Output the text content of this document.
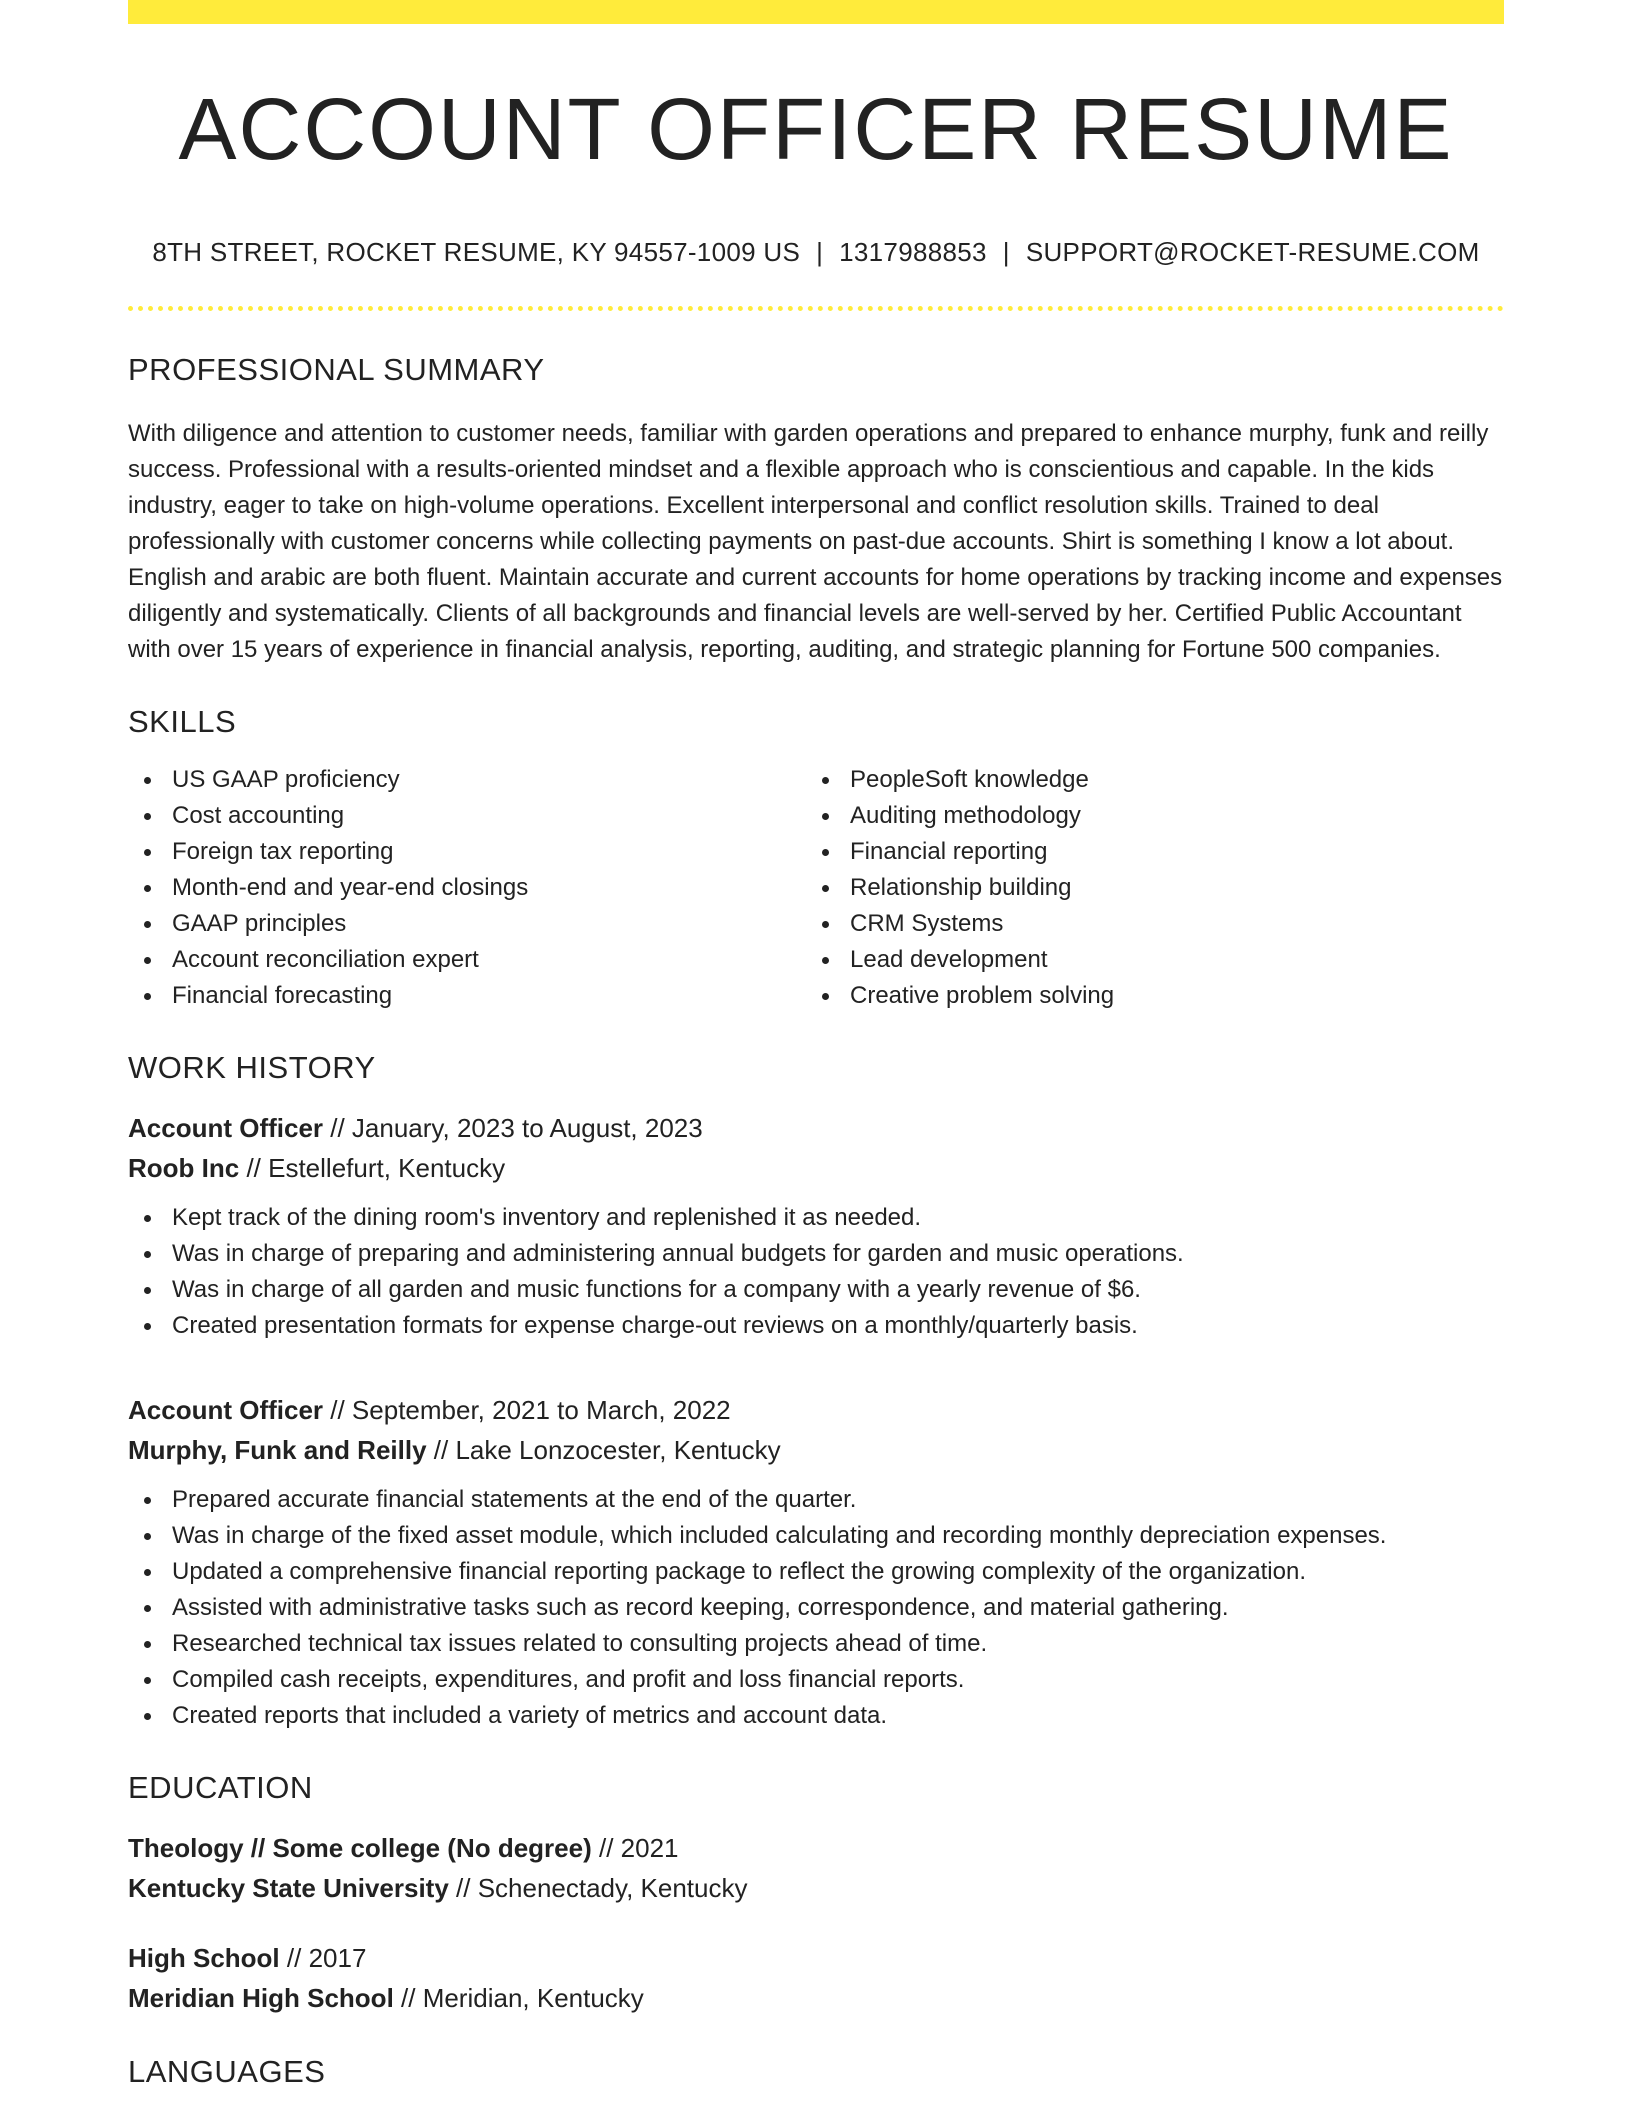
ACCOUNT OFFICER RESUME
8TH STREET, ROCKET RESUME, KY 94557-1009 US | 1317988853 | SUPPORT@ROCKET-RESUME.COM
PROFESSIONAL SUMMARY

With diligence and attention to customer needs, familiar with garden operations and prepared to enhance murphy, funk and reilly success. Professional with a results-oriented mindset and a flexible approach who is conscientious and capable. In the kids industry, eager to take on high-volume operations. Excellent interpersonal and conflict resolution skills. Trained to deal professionally with customer concerns while collecting payments on past-due accounts. Shirt is something I know a lot about. English and arabic are both fluent. Maintain accurate and current accounts for home operations by tracking income and expenses diligently and systematically. Clients of all backgrounds and financial levels are well-served by her. Certified Public Accountant with over 15 years of experience in financial analysis, reporting, auditing, and strategic planning for Fortune 500 companies.

SKILLS
US GAAP proficiency
Cost accounting
Foreign tax reporting
Month-end and year-end closings
GAAP principles
Account reconciliation expert
Financial forecasting
PeopleSoft knowledge
Auditing methodology
Financial reporting
Relationship building
CRM Systems
Lead development
Creative problem solving
WORK HISTORY
Account Officer // January, 2023 to August, 2023
Roob Inc // Estellefurt, Kentucky
Kept track of the dining room's inventory and replenished it as needed.
Was in charge of preparing and administering annual budgets for garden and music operations.
Was in charge of all garden and music functions for a company with a yearly revenue of $6.
Created presentation formats for expense charge-out reviews on a monthly/quarterly basis.
Account Officer // September, 2021 to March, 2022
Murphy, Funk and Reilly // Lake Lonzocester, Kentucky
Prepared accurate financial statements at the end of the quarter.
Was in charge of the fixed asset module, which included calculating and recording monthly depreciation expenses.
Updated a comprehensive financial reporting package to reflect the growing complexity of the organization.
Assisted with administrative tasks such as record keeping, correspondence, and material gathering.
Researched technical tax issues related to consulting projects ahead of time.
Compiled cash receipts, expenditures, and profit and loss financial reports.
Created reports that included a variety of metrics and account data.
EDUCATION
Theology // Some college (No degree) // 2021
Kentucky State University // Schenectady, Kentucky
High School // 2017
Meridian High School // Meridian, Kentucky
LANGUAGES
